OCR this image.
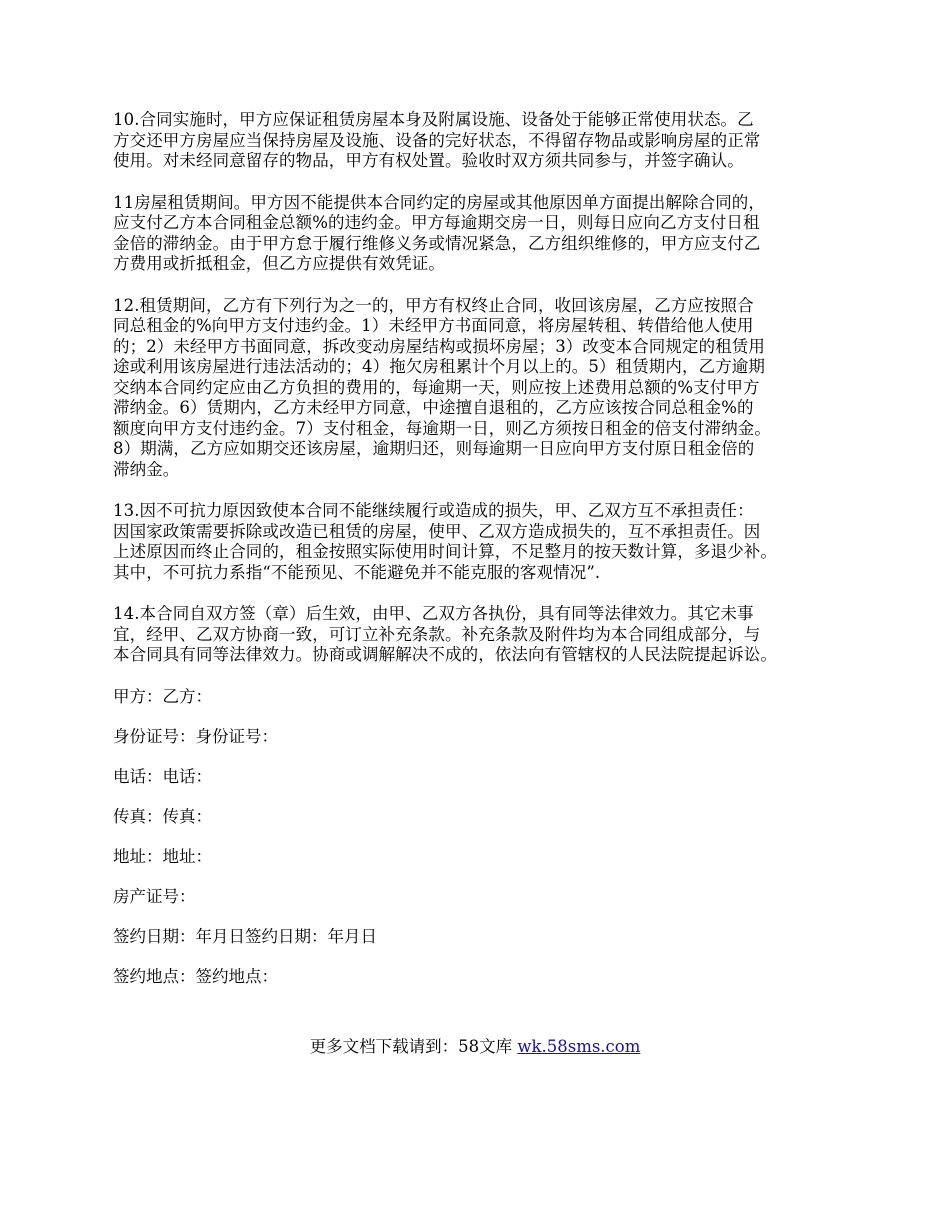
10.合同实施时，甲方应保证租赁房屋本身及附属设施、设备处于能够正常使用状态。乙
方交还甲方房屋应当保持房屋及设施、设备的完好状态，不得留存物品或影响房屋的正常
使用。对未经同意留存的物品，甲方有权处置。验收时双方须共同参与，并签字确认。
11房屋租赁期间。甲方因不能提供本合同约定的房屋或其他原因单方面提出解除合同的，
应支付乙方本合同租金总额%的违约金。甲方每逾期交房一日，则每日应向乙方支付日租
金倍的滞纳金。由于甲方怠于履行维修义务或情况紧急，乙方组织维修的，甲方应支付乙
方费用或折抵租金，但乙方应提供有效凭证。
12.租赁期间，乙方有下列行为之一的，甲方有权终止合同，收回该房屋，乙方应按照合
同总租金的%向甲方支付违约金。1）未经甲方书面同意，将房屋转租、转借给他人使用
的；2）未经甲方书面同意，拆改变动房屋结构或损坏房屋；3）改变本合同规定的租赁用
途或利用该房屋进行违法活动的；4）拖欠房租累计个月以上的。5）租赁期内，乙方逾期
交纳本合同约定应由乙方负担的费用的，每逾期一天，则应按上述费用总额的%支付甲方
滞纳金。6）赁期内，乙方未经甲方同意，中途擅自退租的，乙方应该按合同总租金%的
额度向甲方支付违约金。7）支付租金，每逾期一日，则乙方须按日租金的倍支付滞纳金。
8）期满，乙方应如期交还该房屋，逾期归还，则每逾期一日应向甲方支付原日租金倍的
滞纳金。
13.因不可抗力原因致使本合同不能继续履行或造成的损失，甲、乙双方互不承担责任：
因国家政策需要拆除或改造已租赁的房屋，使甲、乙双方造成损失的，互不承担责任。因
上述原因而终止合同的，租金按照实际使用时间计算，不足整月的按天数计算，多退少补。
其中，不可抗力系指“不能预见、不能避免并不能克服的客观情况”.
14.本合同自双方签（章）后生效，由甲、乙双方各执份，具有同等法律效力。其它未事
宜，经甲、乙双方协商一致，可订立补充条款。补充条款及附件均为本合同组成部分，与
本合同具有同等法律效力。协商或调解解决不成的，依法向有管辖权的人民法院提起诉讼。
甲方：乙方：
身份证号：身份证号：
电话：电话：
传真：传真：
地址：地址：
房产证号：
签约日期：年月日签约日期：年月日
签约地点：签约地点：
更多文档下载请到：58文库 wk.58sms.com
